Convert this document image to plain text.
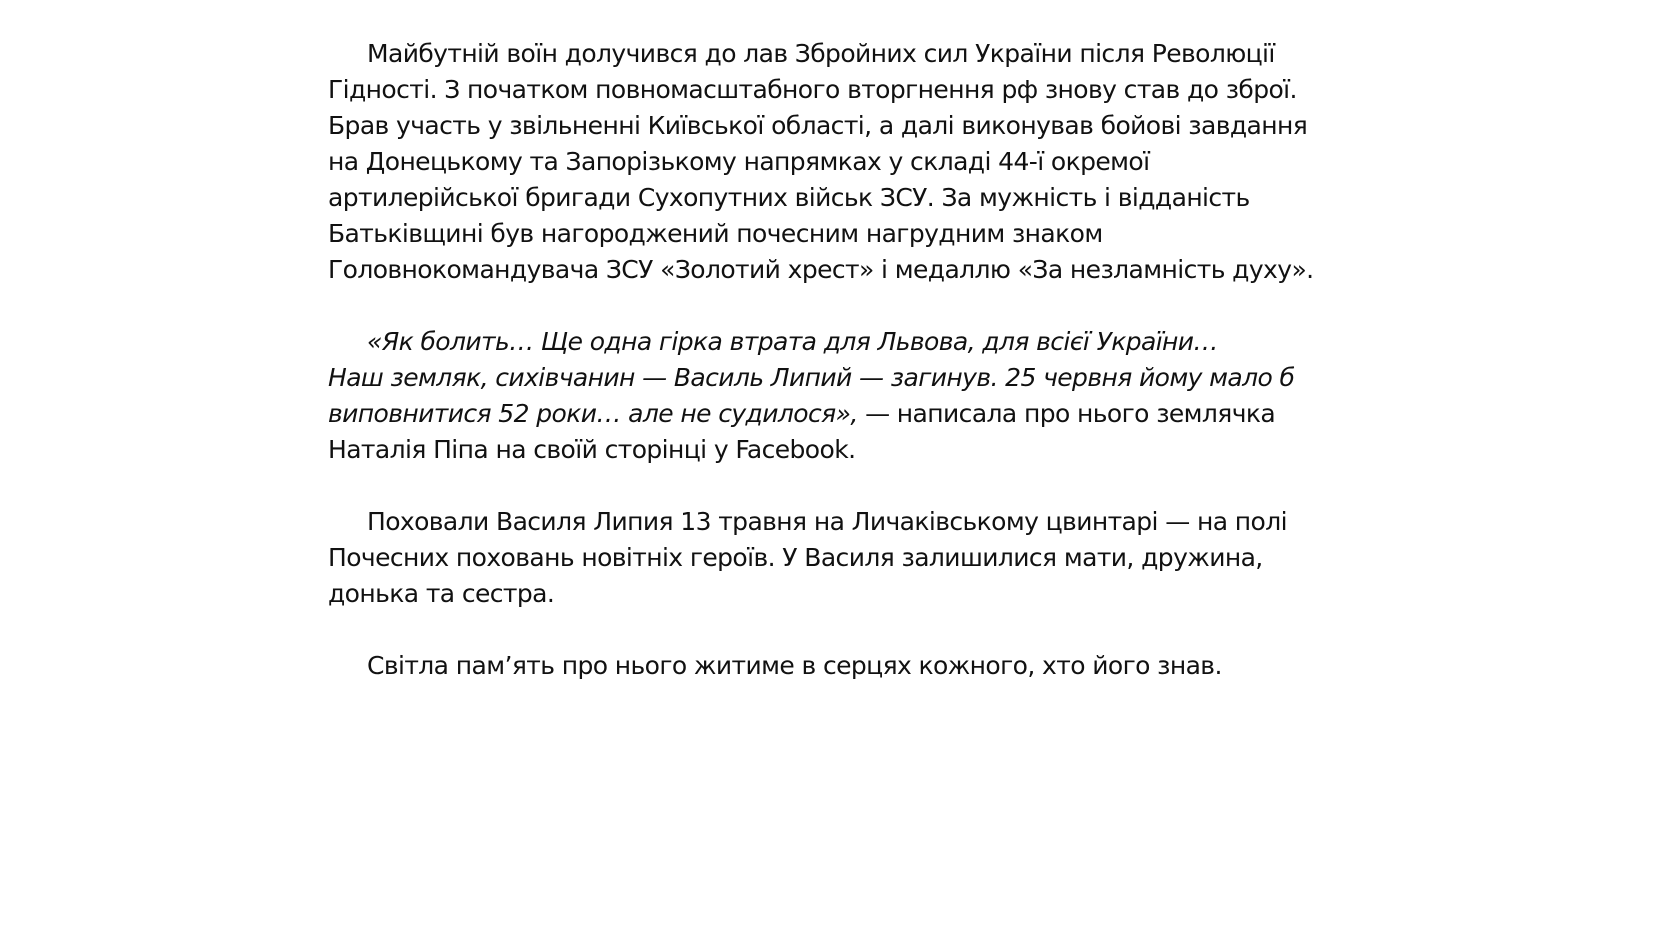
Майбутній воїн долучився до лав Збройних сил України після Революції
Гідності. З початком повномасштабного вторгнення рф знову став до зброї.
Брав участь у звільненні Київської області, а далі виконував бойові завдання
на Донецькому та Запорізькому напрямках у складі 44-ї окремої
артилерійської бригади Сухопутних військ ЗСУ. За мужність і відданість
Батьківщині був нагороджений почесним нагрудним знаком
Головнокомандувача ЗСУ «Золотий хрест» і медаллю «За незламність духу».

«Як болить… Ще одна гірка втрата для Львова, для всієї України…
Наш земляк, сихівчанин — Василь Липий — загинув. 25 червня йому мало б
виповнитися 52 роки… але не судилося», — написала про нього землячка
Наталія Піпа на своїй сторінці у Facebook.

Поховали Василя Липия 13 травня на Личаківському цвинтарі — на полі
Почесних поховань новітніх героїв. У Василя залишилися мати, дружина,
донька та сестра.

Світла пам’ять про нього житиме в серцях кожного, хто його знав.
